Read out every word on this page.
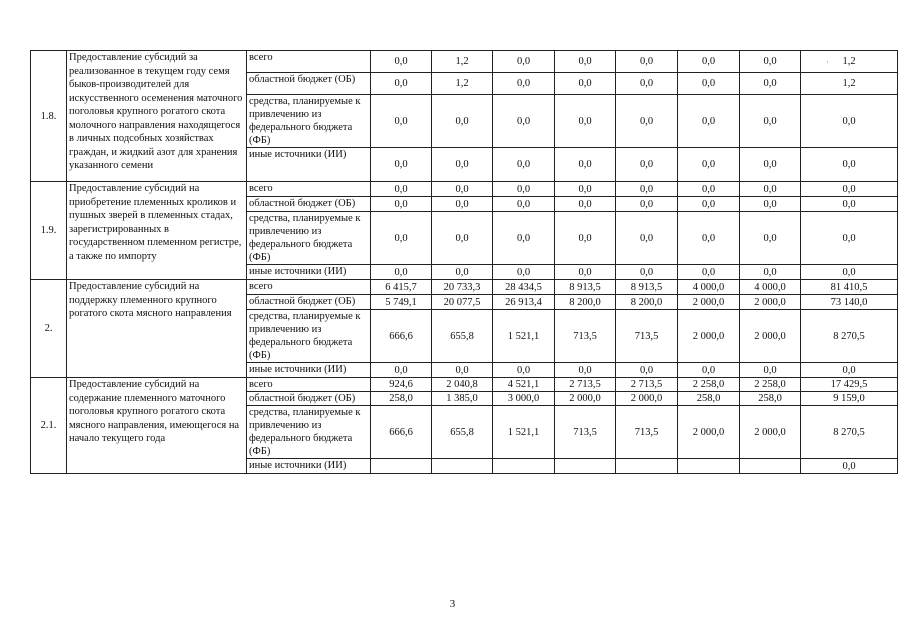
1.8.	Предоставление субсидий за реализованное в текущем году семя быков-производителей для искусственного осеменения маточного поголовья крупного рогатого скота молочного направления находящегося в личных подсобных хозяйствах граждан, и жидкий азот для хранения указанного семени	всего	0,0	1,2	0,0	0,0	0,0	0,0	0,0	1,2
		областной бюджет (ОБ)	0,0	1,2	0,0	0,0	0,0	0,0	0,0	1,2
		средства, планируемые к привлечению из федерального бюджета (ФБ)	0,0	0,0	0,0	0,0	0,0	0,0	0,0	0,0
		иные источники (ИИ)	0,0	0,0	0,0	0,0	0,0	0,0	0,0	0,0
1.9.	Предоставление субсидий на приобретение племенных кроликов и пушных зверей в племенных стадах, зарегистрированных в государственном племенном регистре, а также по импорту	всего	0,0	0,0	0,0	0,0	0,0	0,0	0,0	0,0
		областной бюджет (ОБ)	0,0	0,0	0,0	0,0	0,0	0,0	0,0	0,0
		средства, планируемые к привлечению из федерального бюджета (ФБ)	0,0	0,0	0,0	0,0	0,0	0,0	0,0	0,0
		иные источники (ИИ)	0,0	0,0	0,0	0,0	0,0	0,0	0,0	0,0
2.	Предоставление субсидий на поддержку племенного крупного рогатого скота мясного направления	всего	6 415,7	20 733,3	28 434,5	8 913,5	8 913,5	4 000,0	4 000,0	81 410,5
		областной бюджет (ОБ)	5 749,1	20 077,5	26 913,4	8 200,0	8 200,0	2 000,0	2 000,0	73 140,0
		средства, планируемые к привлечению из федерального бюджета (ФБ)	666,6	655,8	1 521,1	713,5	713,5	2 000,0	2 000,0	8 270,5
		иные источники (ИИ)	0,0	0,0	0,0	0,0	0,0	0,0	0,0	0,0
2.1.	Предоставление субсидий на содержание племенного маточного поголовья крупного рогатого скота мясного направления, имеющегося на начало текущего года	всего	924,6	2 040,8	4 521,1	2 713,5	2 713,5	2 258,0	2 258,0	17 429,5
		областной бюджет (ОБ)	258,0	1 385,0	3 000,0	2 000,0	2 000,0	258,0	258,0	9 159,0
		средства, планируемые к привлечению из федерального бюджета (ФБ)	666,6	655,8	1 521,1	713,5	713,5	2 000,0	2 000,0	8 270,5
		иные источники (ИИ)								0,0
·
3
